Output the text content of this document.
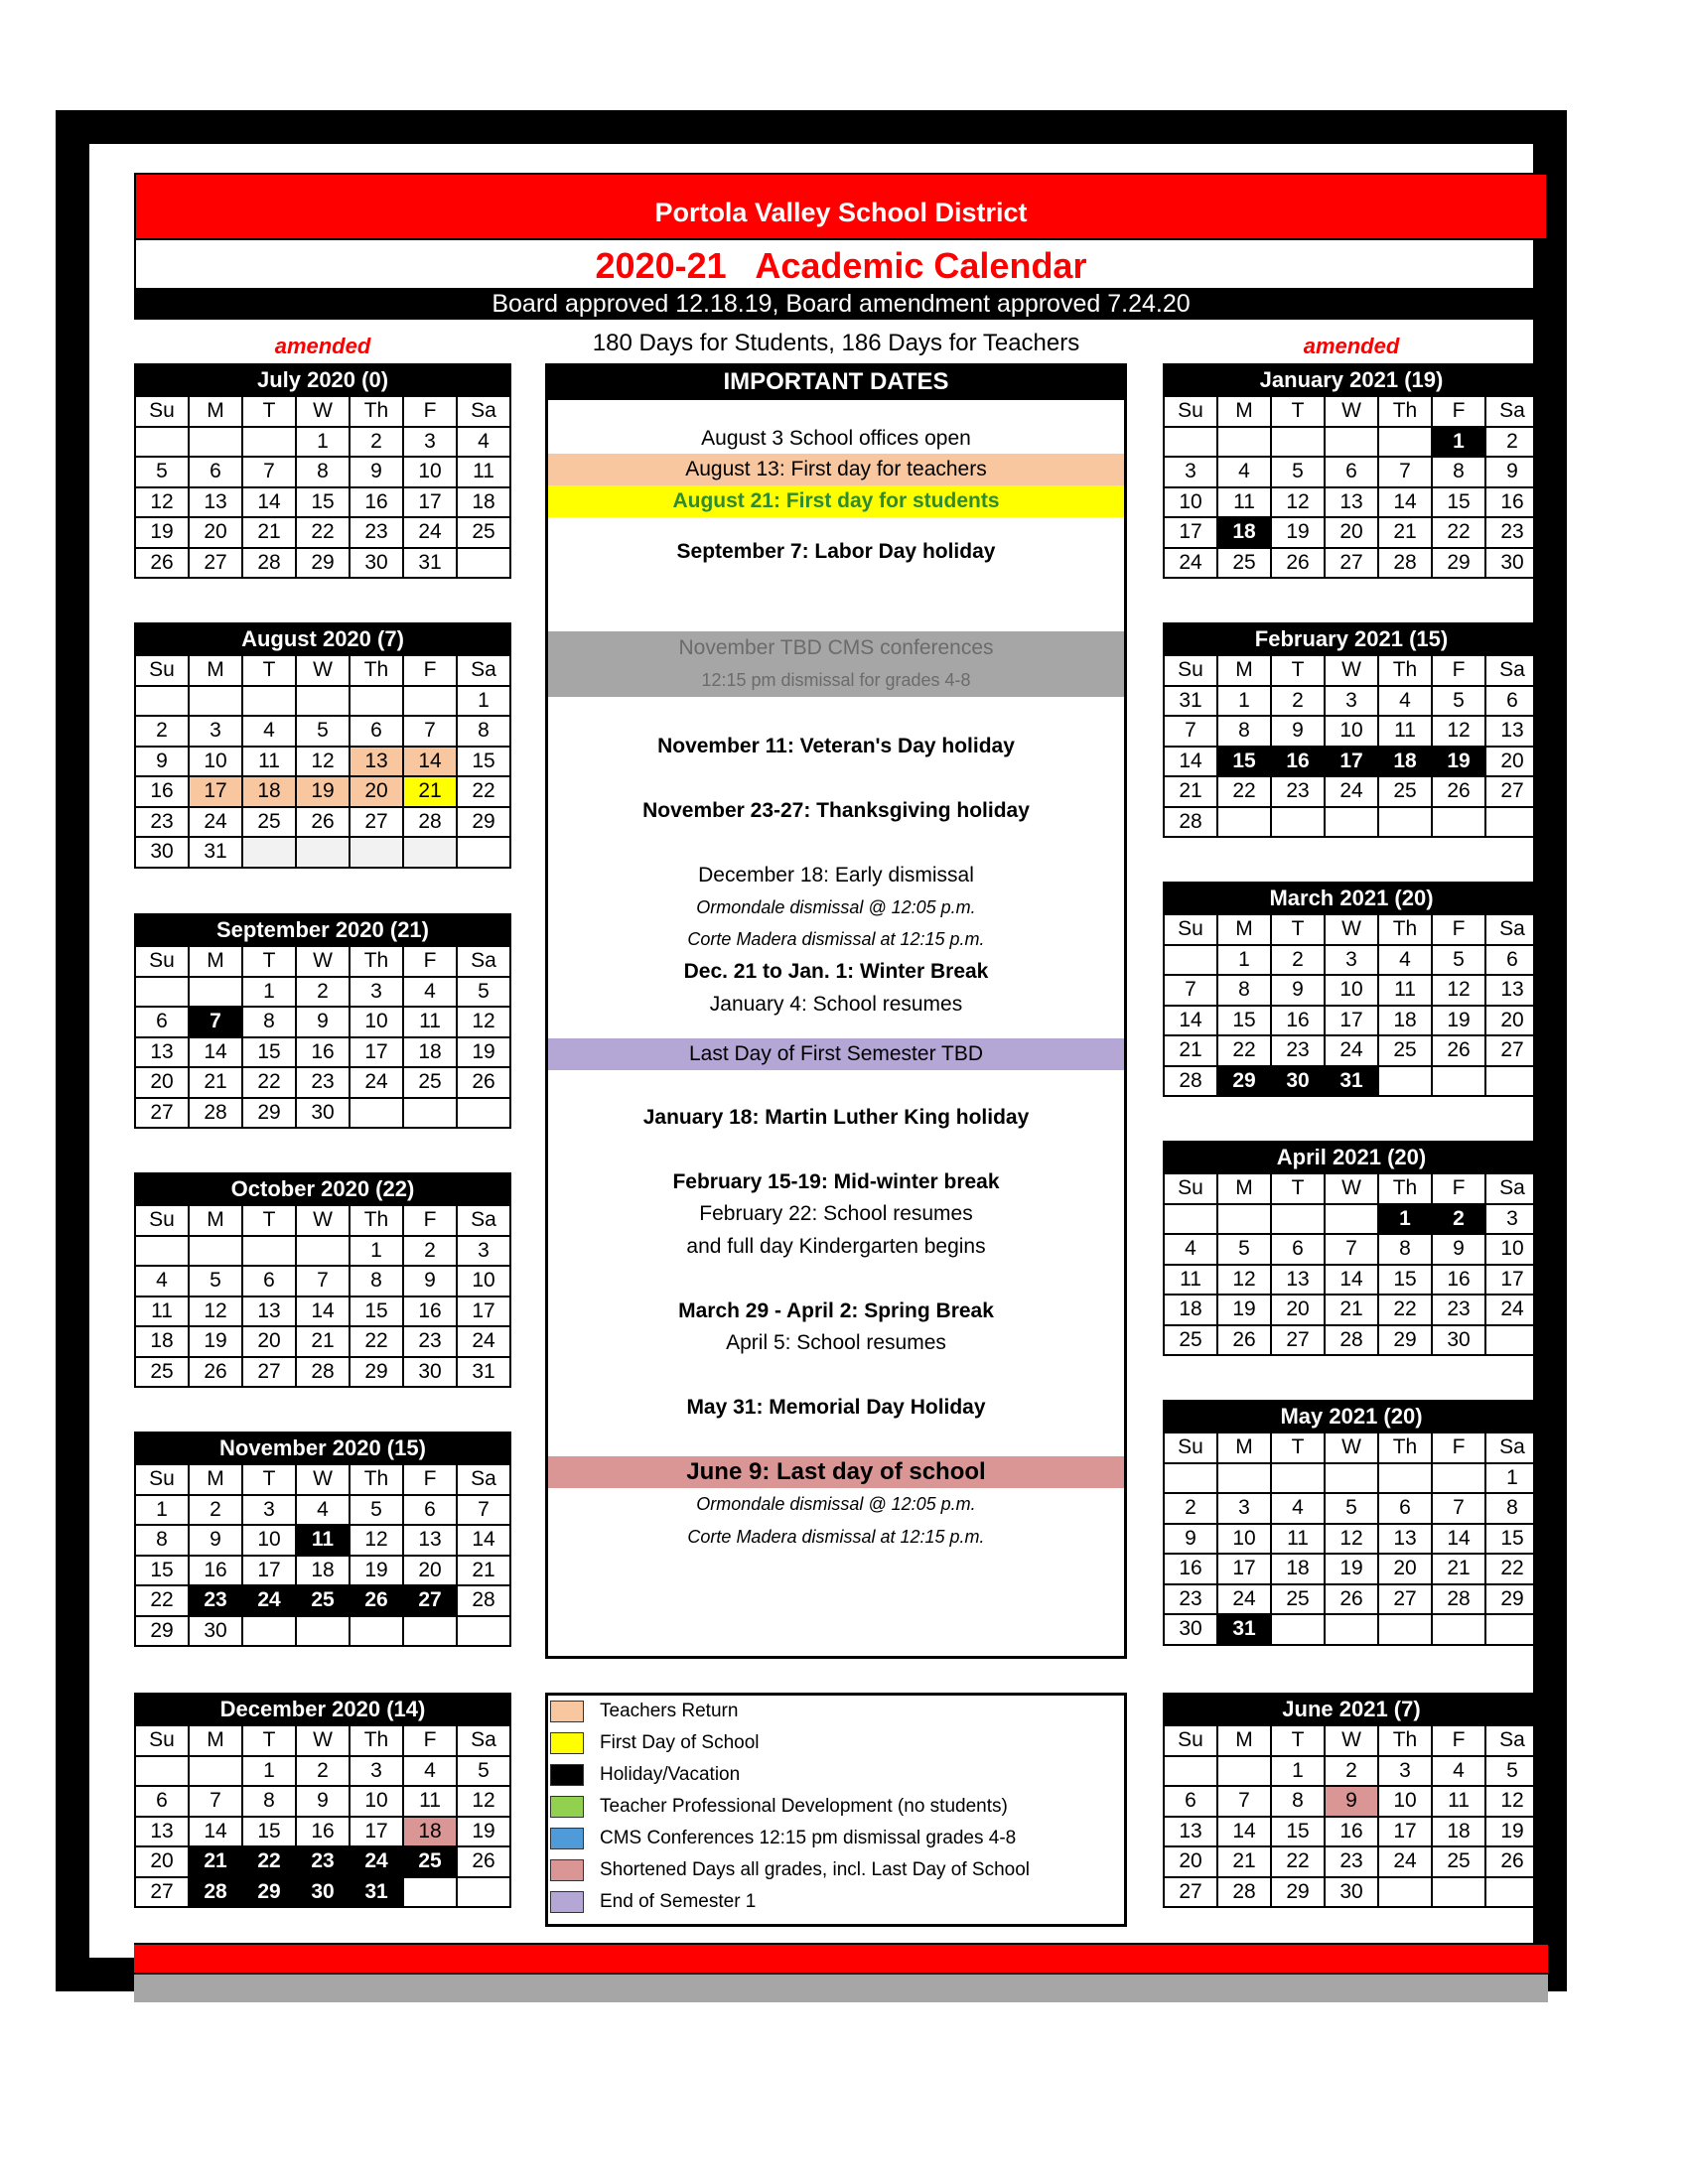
Portola Valley School District
2020-21   Academic Calendar
Board approved 12.18.19, Board amendment approved 7.24.20
amended	amended
180 Days for Students, 186 Days for Teachers
July 2020 (0)
Su	M	T	W	Th	F	Sa
			1	2	3	4
5	6	7	8	9	10	11
12	13	14	15	16	17	18
19	20	21	22	23	24	25
26	27	28	29	30	31	
August 2020 (7)
Su	M	T	W	Th	F	Sa
						1
2	3	4	5	6	7	8
9	10	11	12	13	14	15
16	17	18	19	20	21	22
23	24	25	26	27	28	29
30	31					
September 2020 (21)
Su	M	T	W	Th	F	Sa
		1	2	3	4	5
6	7	8	9	10	11	12
13	14	15	16	17	18	19
20	21	22	23	24	25	26
27	28	29	30			
October 2020 (22)
Su	M	T	W	Th	F	Sa
				1	2	3
4	5	6	7	8	9	10
11	12	13	14	15	16	17
18	19	20	21	22	23	24
25	26	27	28	29	30	31
November 2020 (15)
Su	M	T	W	Th	F	Sa
1	2	3	4	5	6	7
8	9	10	11	12	13	14
15	16	17	18	19	20	21
22	23	24	25	26	27	28
29	30					
December 2020 (14)
Su	M	T	W	Th	F	Sa
		1	2	3	4	5
6	7	8	9	10	11	12
13	14	15	16	17	18	19
20	21	22	23	24	25	26
27	28	29	30	31		
January 2021 (19)
Su	M	T	W	Th	F	Sa
					1	2
3	4	5	6	7	8	9
10	11	12	13	14	15	16
17	18	19	20	21	22	23
24	25	26	27	28	29	30
February 2021 (15)
Su	M	T	W	Th	F	Sa
31	1	2	3	4	5	6
7	8	9	10	11	12	13
14	15	16	17	18	19	20
21	22	23	24	25	26	27
28						
March 2021 (20)
Su	M	T	W	Th	F	Sa
	1	2	3	4	5	6
7	8	9	10	11	12	13
14	15	16	17	18	19	20
21	22	23	24	25	26	27
28	29	30	31			
April 2021 (20)
Su	M	T	W	Th	F	Sa
				1	2	3
4	5	6	7	8	9	10
11	12	13	14	15	16	17
18	19	20	21	22	23	24
25	26	27	28	29	30	
May 2021 (20)
Su	M	T	W	Th	F	Sa
						1
2	3	4	5	6	7	8
9	10	11	12	13	14	15
16	17	18	19	20	21	22
23	24	25	26	27	28	29
30	31					
June 2021 (7)
Su	M	T	W	Th	F	Sa
		1	2	3	4	5
6	7	8	9	10	11	12
13	14	15	16	17	18	19
20	21	22	23	24	25	26
27	28	29	30			
IMPORTANT DATES
August 3 School offices open
August 13: First day for teachers
August 21: First day for students
September 7: Labor Day holiday
November TBD CMS conferences
12:15 pm dismissal for grades 4-8
November 11: Veteran's Day holiday
November 23-27: Thanksgiving holiday
December 18: Early dismissal
Ormondale dismissal @ 12:05 p.m.
Corte Madera dismissal at 12:15 p.m.
Dec. 21 to Jan. 1: Winter Break
January 4: School resumes
Last Day of First Semester TBD
January 18: Martin Luther King holiday
February 15-19: Mid-winter break
February 22: School resumes
and full day Kindergarten begins
March 29 - April 2: Spring Break
April 5: School resumes
May 31: Memorial Day Holiday
June 9: Last day of school
Ormondale dismissal @ 12:05 p.m.
Corte Madera dismissal at 12:15 p.m.
Teachers Return
First Day of School
Holiday/Vacation
Teacher Professional Development (no students)
CMS Conferences 12:15 pm dismissal grades 4-8
Shortened Days all grades, incl. Last Day of School
End of Semester 1
